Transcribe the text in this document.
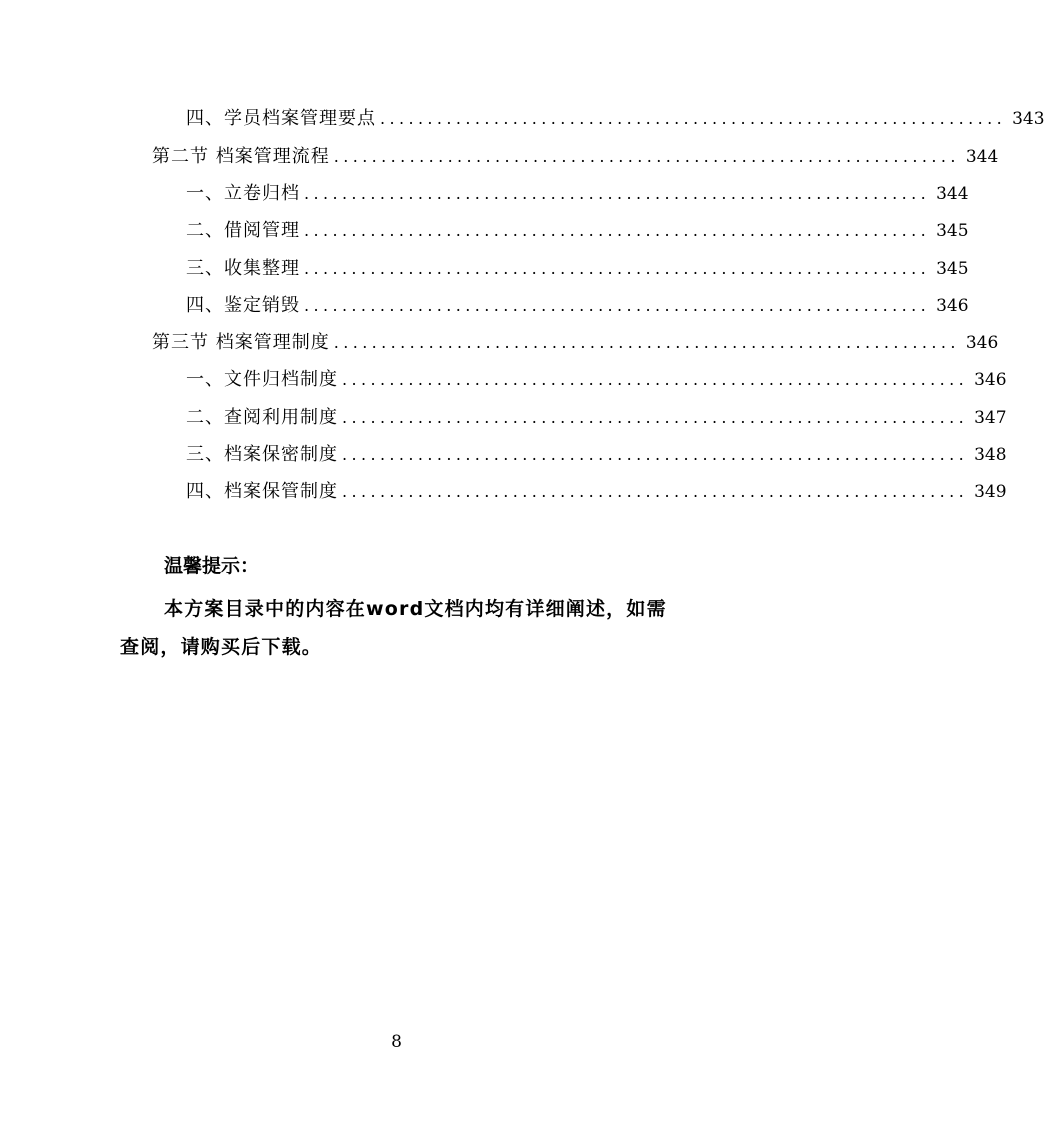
四、学员档案管理要点 .................................................................. 343
第二节 档案管理流程 .................................................................. 344
一、立卷归档 .................................................................. 344
二、借阅管理 .................................................................. 345
三、收集整理 .................................................................. 345
四、鉴定销毁 .................................................................. 346
第三节 档案管理制度 .................................................................. 346
一、文件归档制度 .................................................................. 346
二、查阅利用制度 .................................................................. 347
三、档案保密制度 .................................................................. 348
四、档案保管制度 .................................................................. 349
温馨提示：
本方案目录中的内容在word文档内均有详细阐述，如需查阅，请购买后下载。
8
